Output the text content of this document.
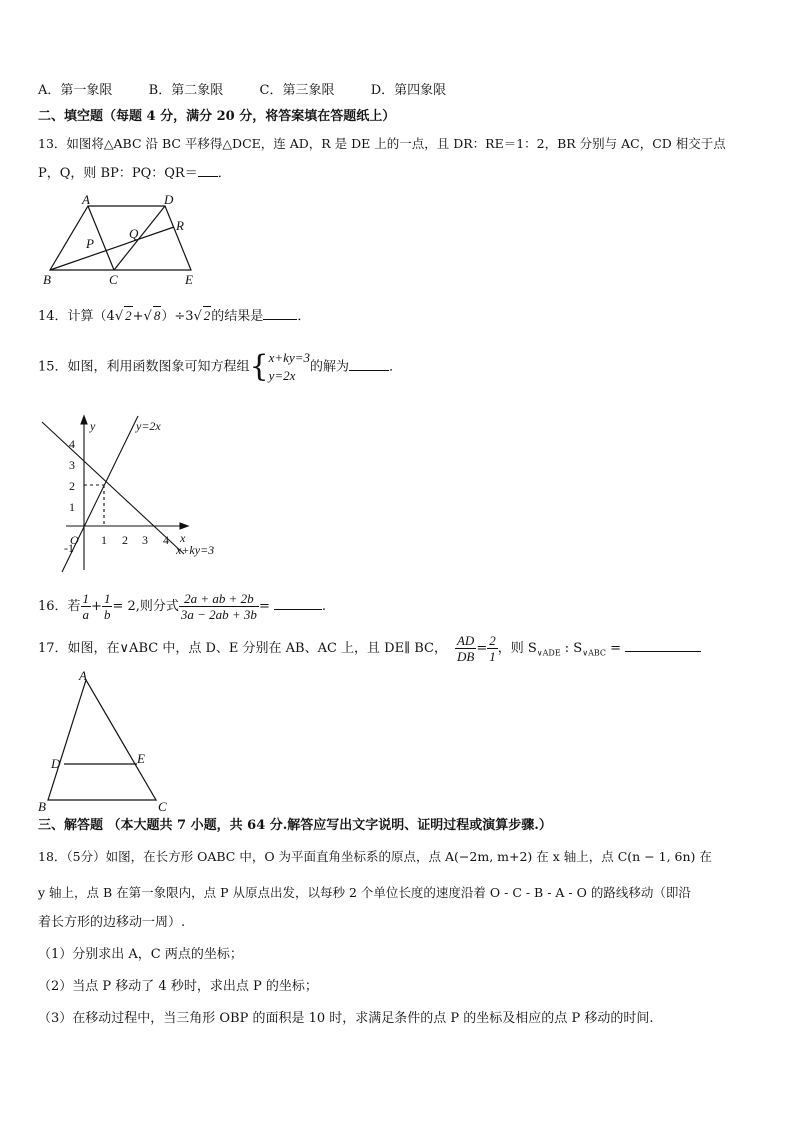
A．第一象限	B．第二象限	C．第三象限	D．第四象限
二、填空题（每题 4 分，满分 20 分，将答案填在答题纸上）
13．如图将△ABC 沿 BC 平移得△DCE，连 AD，R 是 DE 上的一点，且 DR：RE＝1：2，BR 分别与 AC，CD 相交于点
P，Q，则 BP：PQ：QR＝ ．
A	D
R
P
Q
B	C	E
14．计算（4√ 2+√ 8）÷3√ 2的结果是	．
15．如图，利用函数图象可知方程组{ x+ky=3
y=2x
的解为	．
y
x
y=2x
x+ky=3
4
3
2
1
1 2 3 4
O
-1
16．若 $\frac{1}{a} + \frac{1}{b} = 2$,则分式 $\frac{2a + ab + 2b}{3a - 2ab + 3b}$ =	.
17．如图，在∨ABC 中，点 D、E 分别在 AB、AC 上，且 DE∥ BC， $\frac{AD}{DB} = \frac{2}{1}$ ，则 $S_{\vee ADE}$ : $S_{\vee ABC}$ =
A
D	E
B	C
三、解答题 （本大题共 7 小题，共 64 分.解答应写出文字说明、证明过程或演算步骤.）
18．（5分）如图，在长方形 OABC 中，O 为平面直角坐标系的原点，点 A(−2m, m+2) 在 x 轴上，点 C(n − 1, 6n) 在
y 轴上，点 B 在第一象限内，点 P 从原点出发，以每秒 2 个单位长度的速度沿着 O - C - B - A - O 的路线移动（即沿
着长方形的边移动一周）.
（1）分别求出 A，C 两点的坐标；
（2）当点 P 移动了 4 秒时，求出点 P 的坐标；
（3）在移动过程中，当三角形 OBP 的面积是 10 时，求满足条件的点 P 的坐标及相应的点 P 移动的时间.
